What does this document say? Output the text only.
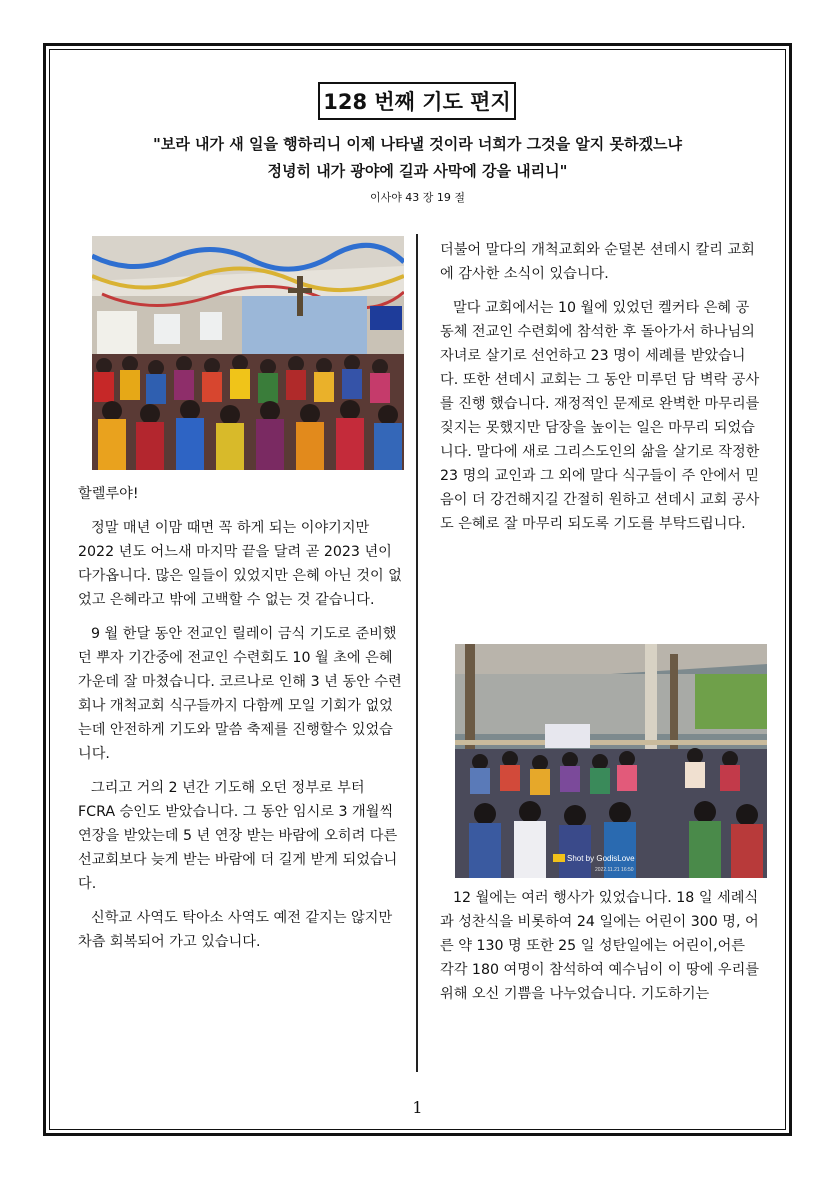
128 번째 기도 편지
"보라 내가 새 일을 행하리니 이제 나타낼 것이라 너희가 그것을 알지 못하겠느냐
정녕히 내가 광야에 길과 사막에 강을 내리니"
이사야 43 장 19 절

할렐루야!

정말 매년 이맘 때면 꼭 하게 되는 이야기지만 2022 년도 어느새 마지막 끝을 달려 곧 2023 년이 다가옵니다. 많은 일들이 있었지만 은혜 아닌 것이 없었고 은혜라고 밖에 고백할 수 없는 것 같습니다.

9 월 한달 동안 전교인 릴레이 금식 기도로 준비했던 뿌자 기간중에 전교인 수련회도 10 월 초에 은혜 가운데 잘 마쳤습니다. 코르나로 인해 3 년 동안 수련회나 개척교회 식구들까지 다함께 모일 기회가 없었는데 안전하게 기도와 말씀 축제를 진행할수 있었습니다.

그리고 거의 2 년간 기도해 오던 정부로 부터 FCRA 승인도 받았습니다. 그 동안 임시로 3 개월씩 연장을 받았는데 5 년 연장 받는 바람에 오히려 다른 선교회보다 늦게 받는 바람에 더 길게 받게 되었습니다.

신학교 사역도 탁아소 사역도 예전 같지는 않지만 차츰 회복되어 가고 있습니다.

더불어 말다의 개척교회와 순덜본 션데시 칼리 교회에 감사한 소식이 있습니다.

말다 교회에서는 10 월에 있었던 켈커타 은혜 공동체 전교인 수련회에 참석한 후 돌아가서 하나님의 자녀로 살기로 선언하고 23 명이 세례를 받았습니다. 또한 션데시 교회는 그 동안 미루던 담 벽락 공사를 진행 했습니다. 재정적인 문제로 완벽한 마무리를 짖지는 못했지만 담장을 높이는 일은 마무리 되었습니다. 말다에 새로 그리스도인의 삶을 살기로 작정한 23 명의 교인과 그 외에 말다 식구들이 주 안에서 믿음이 더 강건해지길 간절히 원하고 션데시 교회 공사도 은혜로 잘 마무리 되도록 기도를 부탁드립니다.

Shot by GodisLove
2022.11.21 16:50

12 월에는 여러 행사가 있었습니다. 18 일 세례식과 성찬식을 비롯하여 24 일에는 어린이 300 명, 어른 약 130 명 또한 25 일 성탄일에는 어린이,어른 각각 180 여명이 참석하여 예수님이 이 땅에 우리를 위해 오신 기쁨을 나누었습니다. 기도하기는

1
